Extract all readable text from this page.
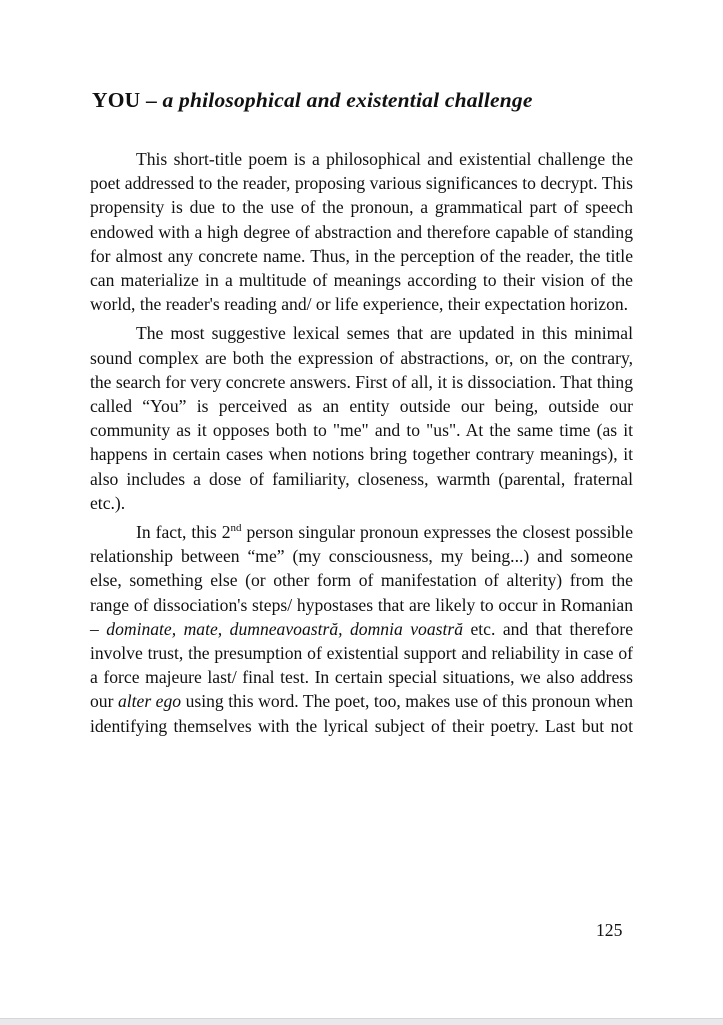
YOU – a philosophical and existential challenge

This short-title poem is a philosophical and existential challenge the poet addressed to the reader, proposing various significances to decrypt. This propensity is due to the use of the pronoun, a grammatical part of speech endowed with a high degree of abstraction and therefore capable of standing for almost any concrete name. Thus, in the perception of the reader, the title can materialize in a multitude of meanings according to their vision of the world, the reader's reading and/ or life experience, their expectation horizon.

The most suggestive lexical semes that are updated in this minimal sound complex are both the expression of abstractions, or, on the contrary, the search for very concrete answers. First of all, it is dissociation. That thing called “You” is perceived as an entity outside our being, outside our community as it opposes both to "me" and to "us". At the same time (as it happens in certain cases when notions bring together contrary meanings), it also includes a dose of familiarity, closeness, warmth (parental, fraternal etc.).

In fact, this 2nd person singular pronoun expresses the closest possible relationship between “me” (my consciousness, my being...) and someone else, something else (or other form of manifestation of alterity) from the range of dissociation's steps/ hypostases that are likely to occur in Romanian – dominate, mate, dumneavoastră, domnia voastră etc. and that therefore involve trust, the presumption of existential support and reliability in case of a force majeure last/ final test. In certain special situations, we also address our alter ego using this word. The poet, too, makes use of this pronoun when identifying themselves with the lyrical subject of their poetry. Last but not

125
